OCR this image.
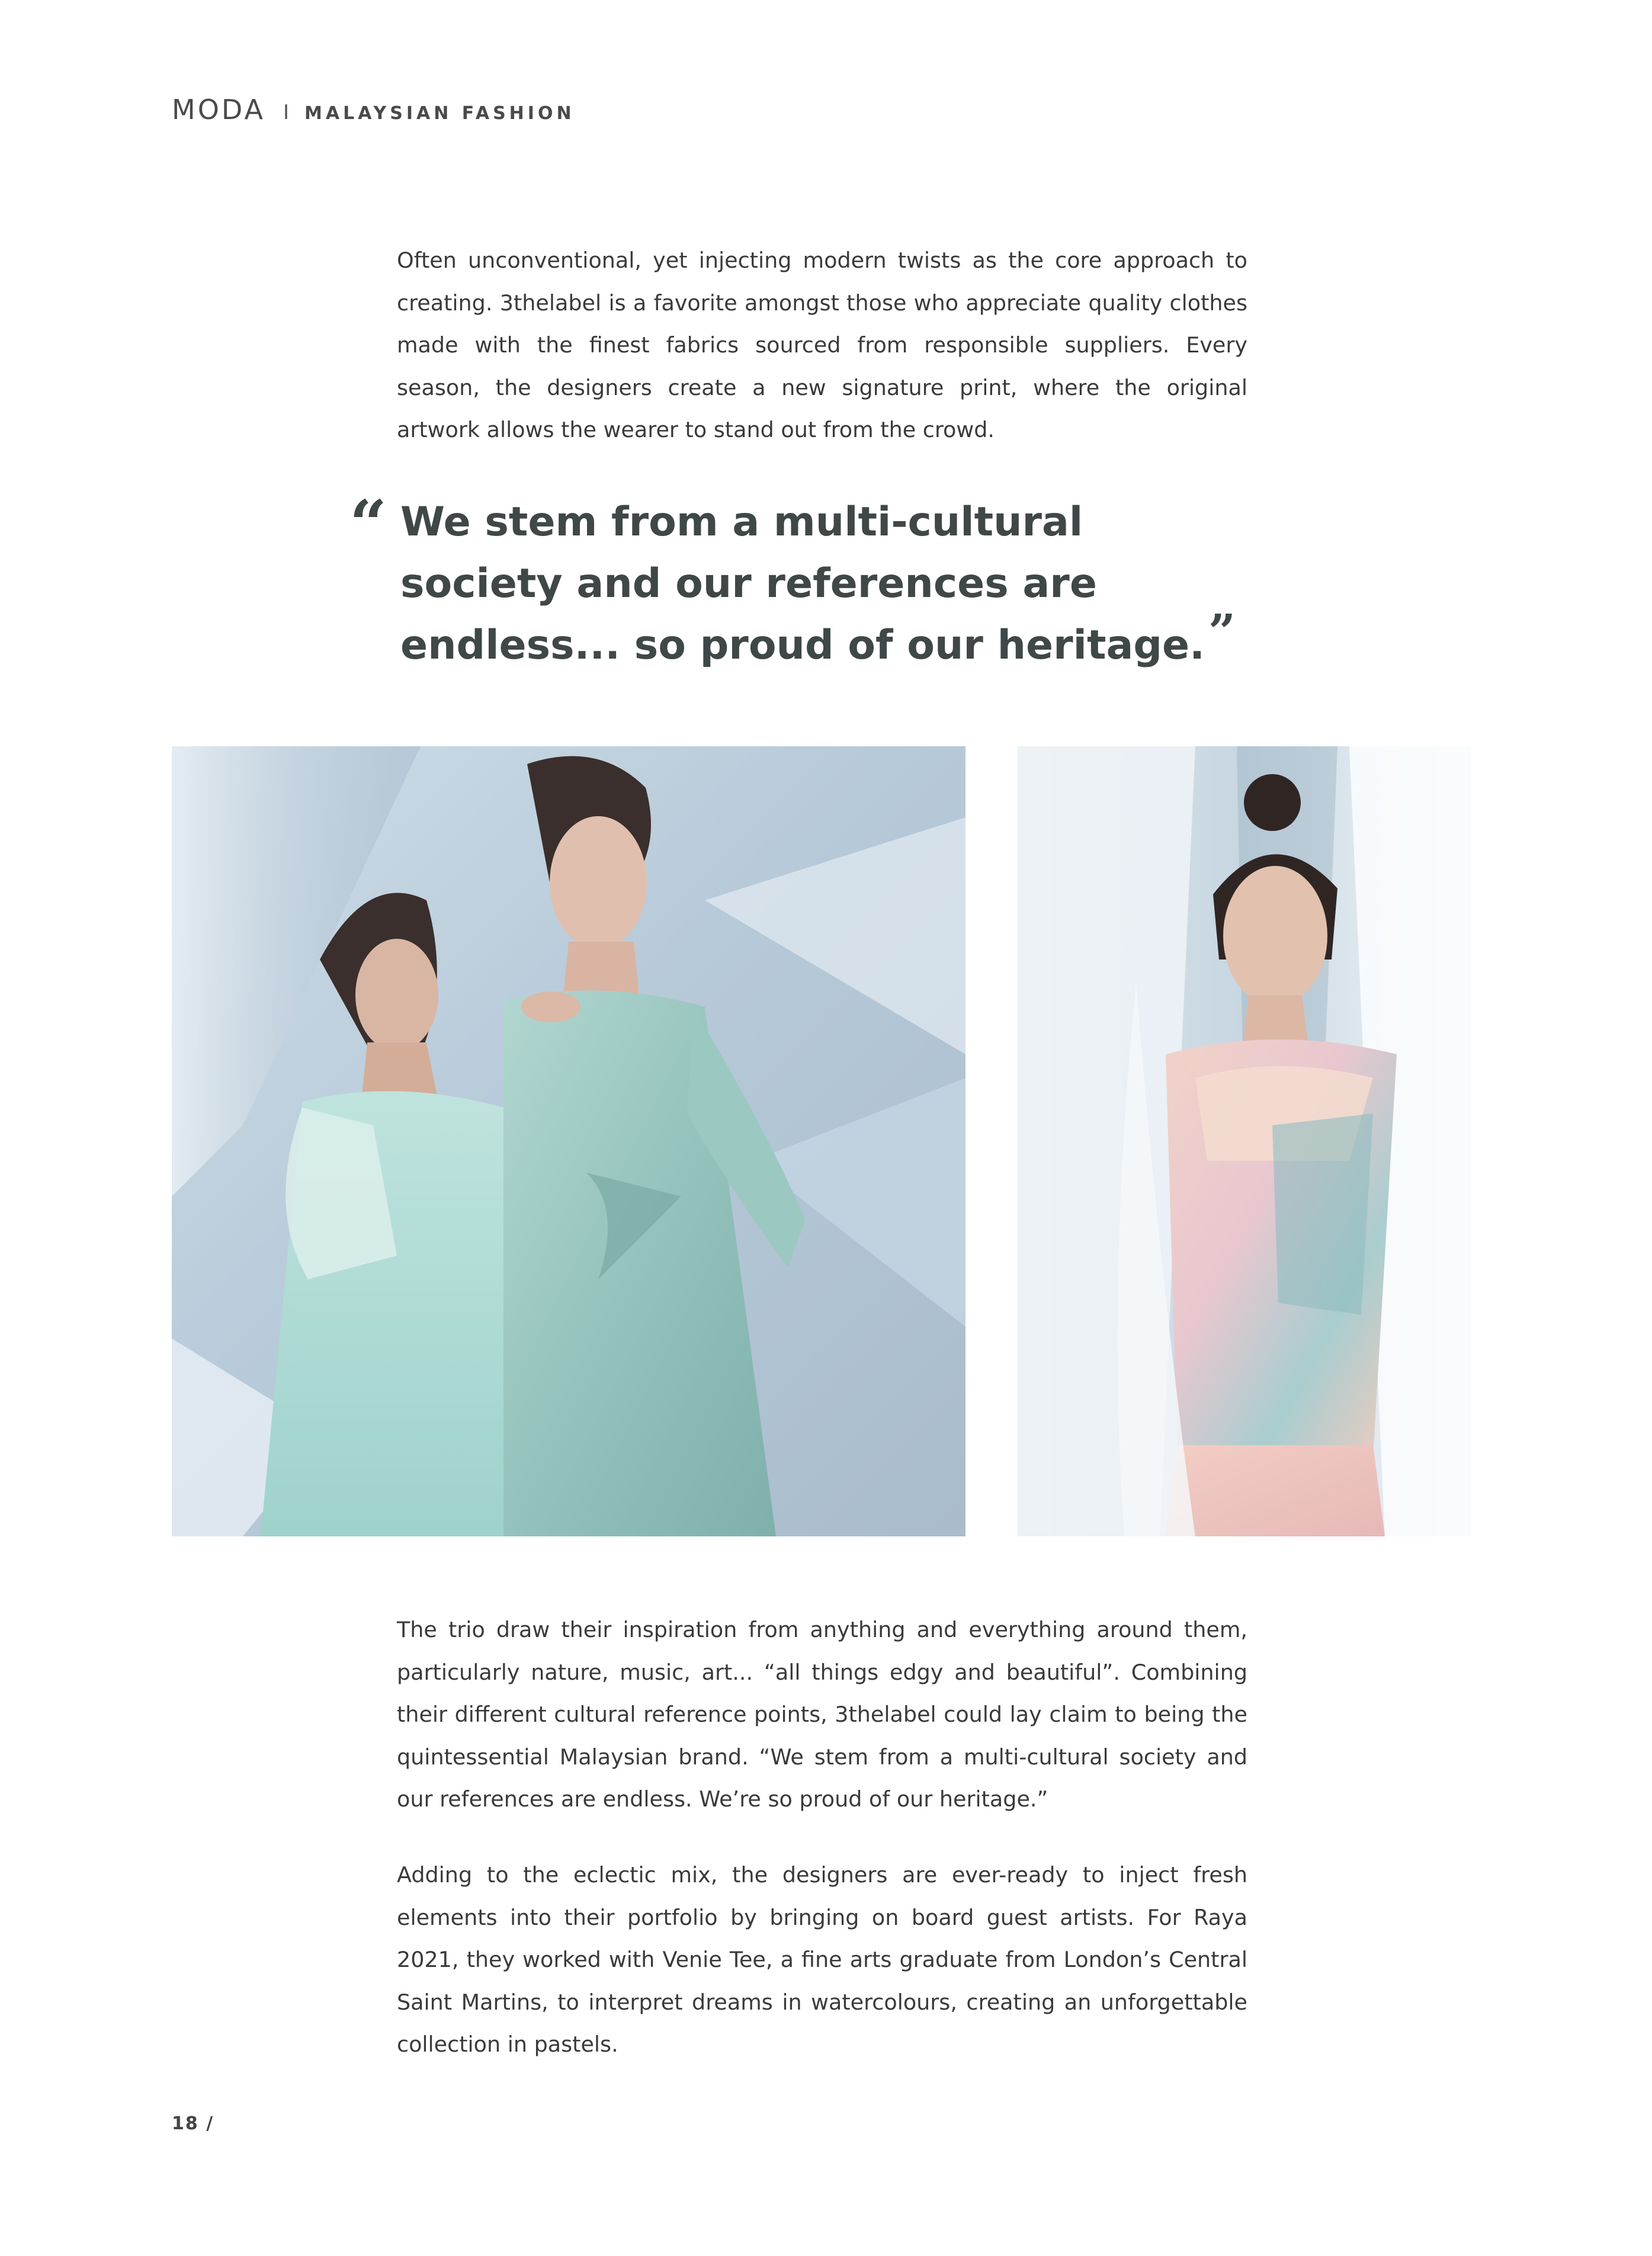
MODA I MALAYSIAN FASHION

Often unconventional, yet injecting modern twists as the core approach to creating. 3thelabel is a favorite amongst those who appreciate quality clothes made with the finest fabrics sourced from responsible suppliers. Every season, the designers create a new signature print, where the original artwork allows the wearer to stand out from the crowd.

“ We stem from a multi-cultural society and our references are endless... so proud of our heritage.”

The trio draw their inspiration from anything and everything around them, particularly nature, music, art... “all things edgy and beautiful”. Combining their different cultural reference points, 3thelabel could lay claim to being the quintessential Malaysian brand. “We stem from a multi-cultural society and our references are endless. We’re so proud of our heritage.”

Adding to the eclectic mix, the designers are ever-ready to inject fresh elements into their portfolio by bringing on board guest artists. For Raya 2021, they worked with Venie Tee, a fine arts graduate from London’s Central Saint Martins, to interpret dreams in watercolours, creating an unforgettable collection in pastels.

18 /
